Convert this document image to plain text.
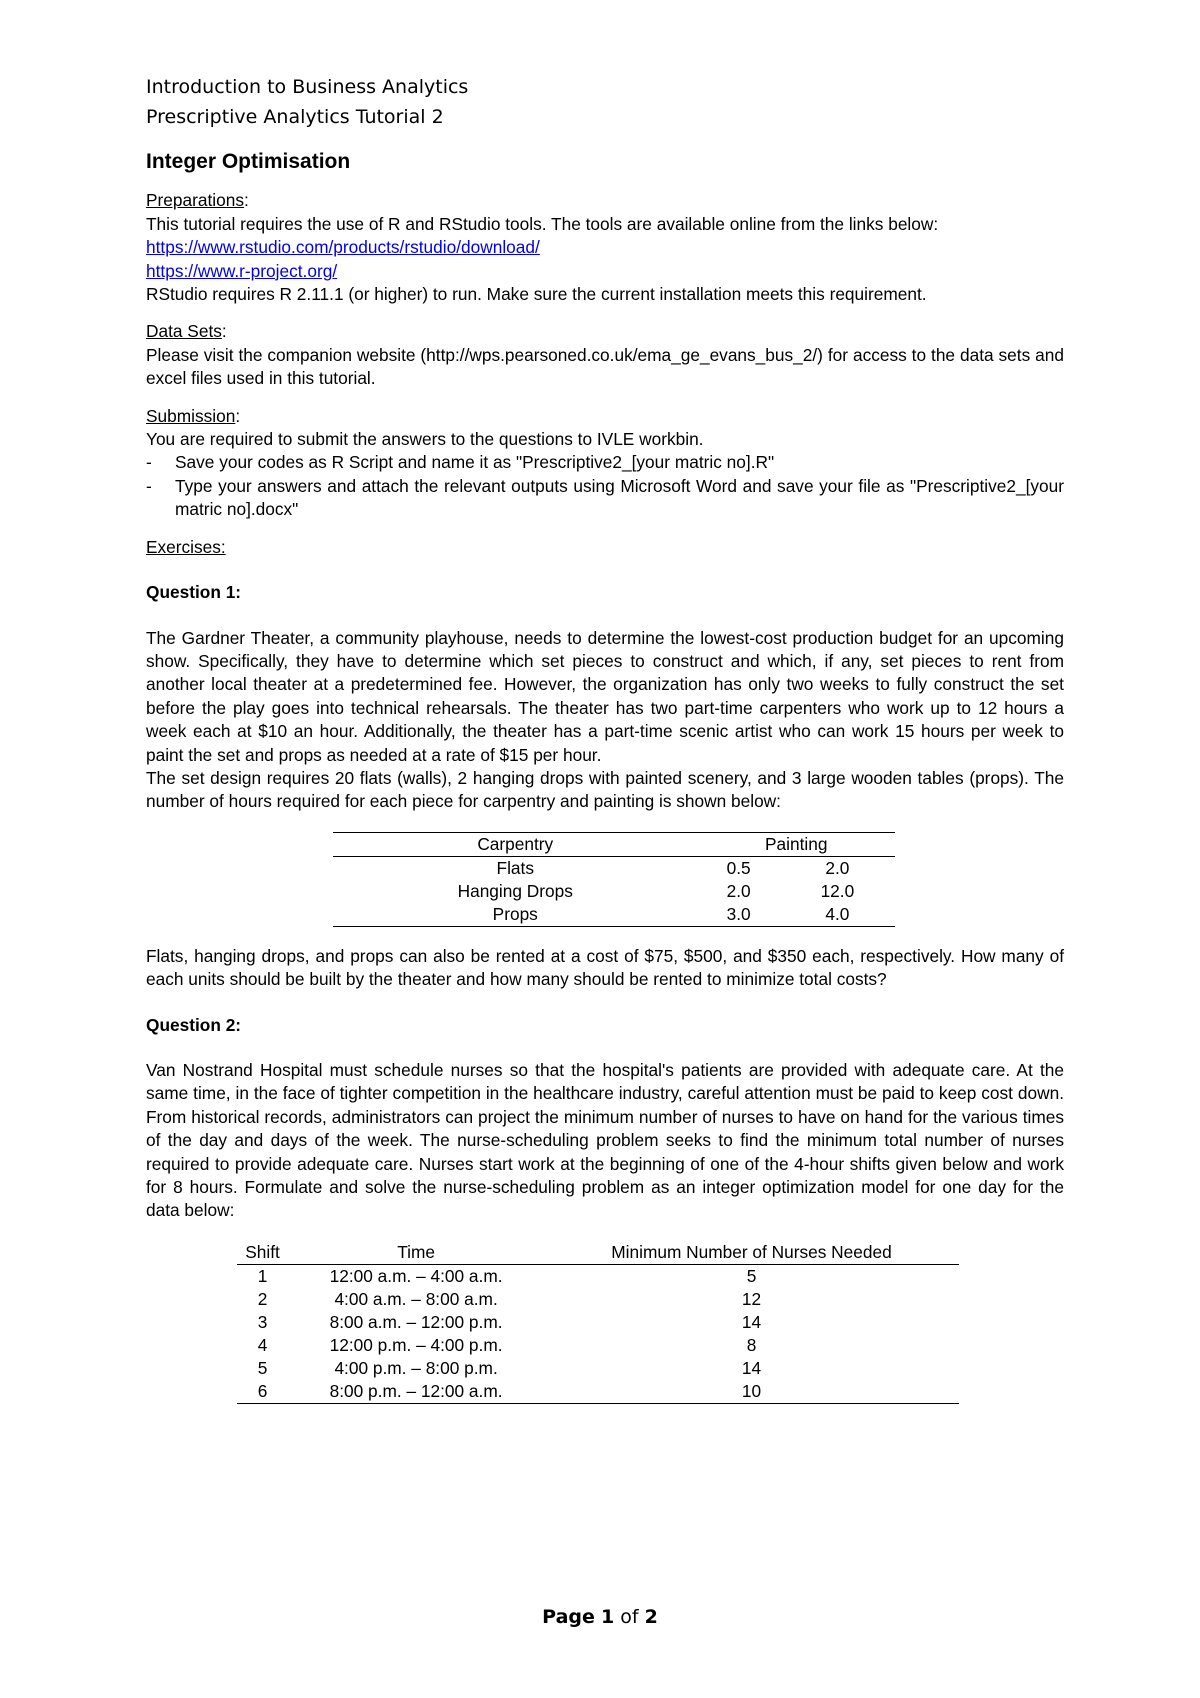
Introduction to Business Analytics
Prescriptive Analytics Tutorial 2
Integer Optimisation

Preparations:

This tutorial requires the use of R and RStudio tools. The tools are available online from the links below:

https://www.rstudio.com/products/rstudio/download/

https://www.r-project.org/

RStudio requires R 2.11.1 (or higher) to run. Make sure the current installation meets this requirement.

Data Sets:

Please visit the companion website (http://wps.pearsoned.co.uk/ema_ge_evans_bus_2/) for access to the data sets and excel files used in this tutorial.

Submission:

You are required to submit the answers to the questions to IVLE workbin.

-	Save your codes as R Script and name it as "Prescriptive2_[your matric no].R"
-	Type your answers and attach the relevant outputs using Microsoft Word and save your file as "Prescriptive2_[your matric no].docx"

Exercises:

Question 1:

The Gardner Theater, a community playhouse, needs to determine the lowest-cost production budget for an upcoming show. Specifically, they have to determine which set pieces to construct and which, if any, set pieces to rent from another local theater at a predetermined fee. However, the organization has only two weeks to fully construct the set before the play goes into technical rehearsals. The theater has two part-time carpenters who work up to 12 hours a week each at $10 an hour. Additionally, the theater has a part-time scenic artist who can work 15 hours per week to paint the set and props as needed at a rate of $15 per hour.

The set design requires 20 flats (walls), 2 hanging drops with painted scenery, and 3 large wooden tables (props). The number of hours required for each piece for carpentry and painting is shown below:

Carpentry	Painting	
Flats	0.5	2.0
Hanging Drops	2.0	12.0
Props	3.0	4.0

Flats, hanging drops, and props can also be rented at a cost of $75, $500, and $350 each, respectively. How many of each units should be built by the theater and how many should be rented to minimize total costs?

Question 2:

Van Nostrand Hospital must schedule nurses so that the hospital's patients are provided with adequate care. At the same time, in the face of tighter competition in the healthcare industry, careful attention must be paid to keep cost down. From historical records, administrators can project the minimum number of nurses to have on hand for the various times of the day and days of the week. The nurse-scheduling problem seeks to find the minimum total number of nurses required to provide adequate care. Nurses start work at the beginning of one of the 4-hour shifts given below and work for 8 hours. Formulate and solve the nurse-scheduling problem as an integer optimization model for one day for the data below:

Shift	Time	Minimum Number of Nurses Needed
1	12:00 a.m. – 4:00 a.m.	5
2	4:00 a.m. – 8:00 a.m.	12
3	8:00 a.m. – 12:00 p.m.	14
4	12:00 p.m. – 4:00 p.m.	8
5	4:00 p.m. – 8:00 p.m.	14
6	8:00 p.m. – 12:00 a.m.	10
Page 1 of 2
